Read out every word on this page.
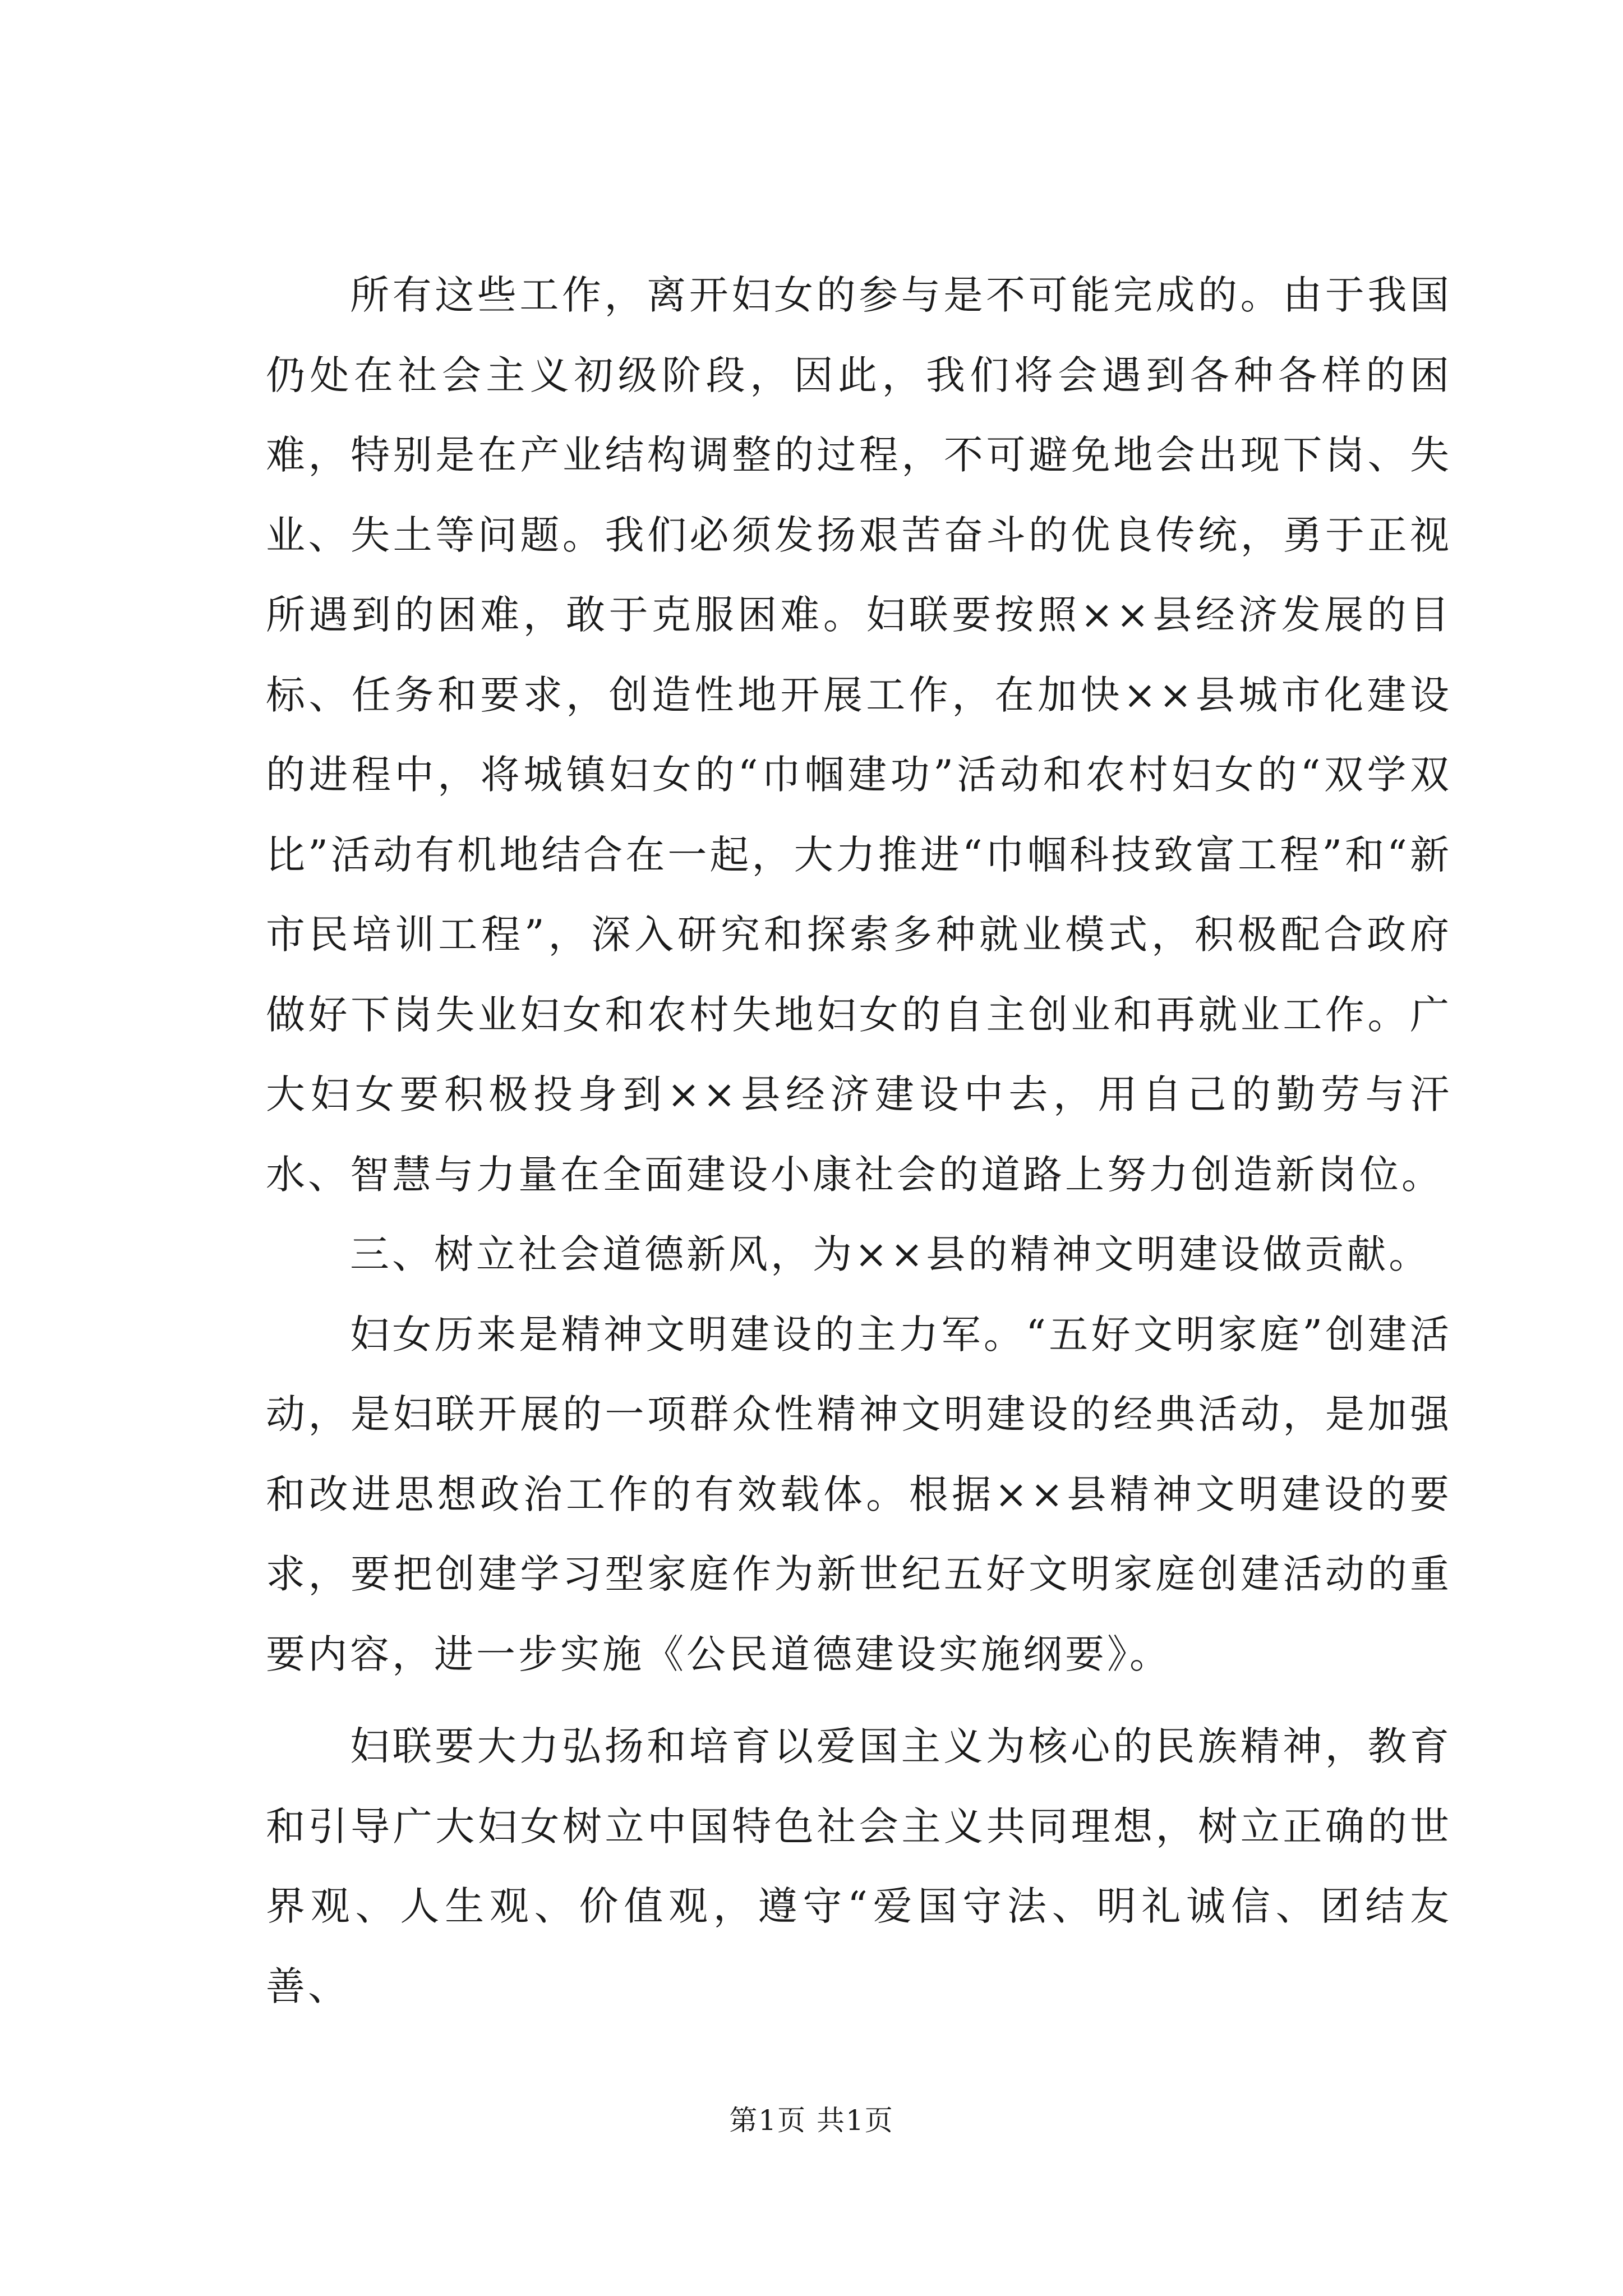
所有这些工作，离开妇女的参与是不可能完成的。由于我国仍处在社会主义初级阶段，因此，我们将会遇到各种各样的困难，特别是在产业结构调整的过程，不可避免地会出现下岗、失业、失土等问题。我们必须发扬艰苦奋斗的优良传统，勇于正视所遇到的困难，敢于克服困难。妇联要按照××县经济发展的目标、任务和要求，创造性地开展工作，在加快××县城市化建设的进程中，将城镇妇女的“巾帼建功”活动和农村妇女的“双学双比”活动有机地结合在一起，大力推进“巾帼科技致富工程”和“新市民培训工程”，深入研究和探索多种就业模式，积极配合政府做好下岗失业妇女和农村失地妇女的自主创业和再就业工作。广大妇女要积极投身到××县经济建设中去，用自己的勤劳与汗水、智慧与力量在全面建设小康社会的道路上努力创造新岗位。

三、树立社会道德新风，为××县的精神文明建设做贡献。

妇女历来是精神文明建设的主力军。“五好文明家庭”创建活动，是妇联开展的一项群众性精神文明建设的经典活动，是加强和改进思想政治工作的有效载体。根据××县精神文明建设的要求，要把创建学习型家庭作为新世纪五好文明家庭创建活动的重要内容，进一步实施《公民道德建设实施纲要》。

妇联要大力弘扬和培育以爱国主义为核心的民族精神，教育和引导广大妇女树立中国特色社会主义共同理想，树立正确的世界观、人生观、价值观，遵守“爱国守法、明礼诚信、团结友善、

第1页 共1页
